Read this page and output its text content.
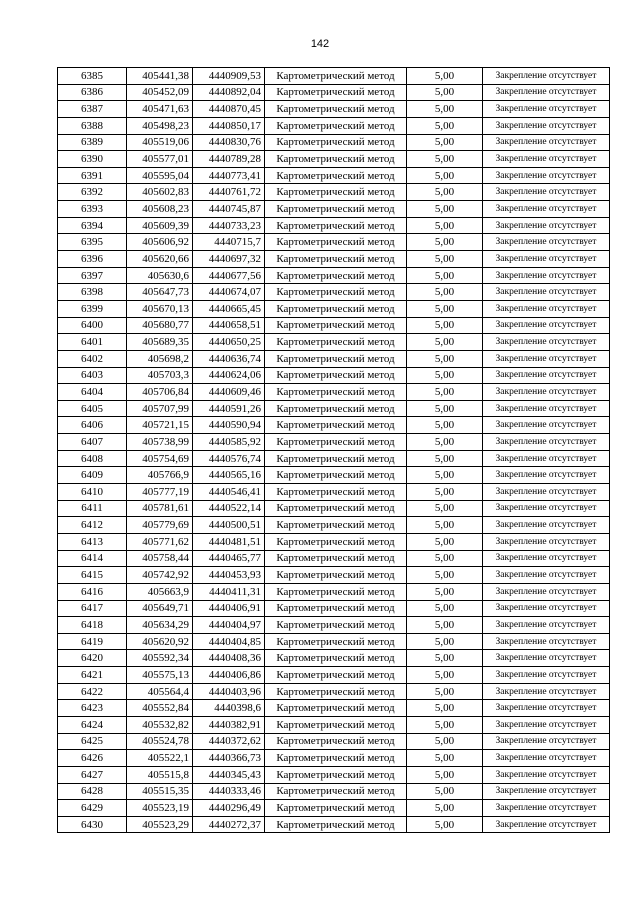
142
6385	405441,38	4440909,53	Картометрический метод	5,00	Закрепление отсутствует
6386	405452,09	4440892,04	Картометрический метод	5,00	Закрепление отсутствует
6387	405471,63	4440870,45	Картометрический метод	5,00	Закрепление отсутствует
6388	405498,23	4440850,17	Картометрический метод	5,00	Закрепление отсутствует
6389	405519,06	4440830,76	Картометрический метод	5,00	Закрепление отсутствует
6390	405577,01	4440789,28	Картометрический метод	5,00	Закрепление отсутствует
6391	405595,04	4440773,41	Картометрический метод	5,00	Закрепление отсутствует
6392	405602,83	4440761,72	Картометрический метод	5,00	Закрепление отсутствует
6393	405608,23	4440745,87	Картометрический метод	5,00	Закрепление отсутствует
6394	405609,39	4440733,23	Картометрический метод	5,00	Закрепление отсутствует
6395	405606,92	4440715,7	Картометрический метод	5,00	Закрепление отсутствует
6396	405620,66	4440697,32	Картометрический метод	5,00	Закрепление отсутствует
6397	405630,6	4440677,56	Картометрический метод	5,00	Закрепление отсутствует
6398	405647,73	4440674,07	Картометрический метод	5,00	Закрепление отсутствует
6399	405670,13	4440665,45	Картометрический метод	5,00	Закрепление отсутствует
6400	405680,77	4440658,51	Картометрический метод	5,00	Закрепление отсутствует
6401	405689,35	4440650,25	Картометрический метод	5,00	Закрепление отсутствует
6402	405698,2	4440636,74	Картометрический метод	5,00	Закрепление отсутствует
6403	405703,3	4440624,06	Картометрический метод	5,00	Закрепление отсутствует
6404	405706,84	4440609,46	Картометрический метод	5,00	Закрепление отсутствует
6405	405707,99	4440591,26	Картометрический метод	5,00	Закрепление отсутствует
6406	405721,15	4440590,94	Картометрический метод	5,00	Закрепление отсутствует
6407	405738,99	4440585,92	Картометрический метод	5,00	Закрепление отсутствует
6408	405754,69	4440576,74	Картометрический метод	5,00	Закрепление отсутствует
6409	405766,9	4440565,16	Картометрический метод	5,00	Закрепление отсутствует
6410	405777,19	4440546,41	Картометрический метод	5,00	Закрепление отсутствует
6411	405781,61	4440522,14	Картометрический метод	5,00	Закрепление отсутствует
6412	405779,69	4440500,51	Картометрический метод	5,00	Закрепление отсутствует
6413	405771,62	4440481,51	Картометрический метод	5,00	Закрепление отсутствует
6414	405758,44	4440465,77	Картометрический метод	5,00	Закрепление отсутствует
6415	405742,92	4440453,93	Картометрический метод	5,00	Закрепление отсутствует
6416	405663,9	4440411,31	Картометрический метод	5,00	Закрепление отсутствует
6417	405649,71	4440406,91	Картометрический метод	5,00	Закрепление отсутствует
6418	405634,29	4440404,97	Картометрический метод	5,00	Закрепление отсутствует
6419	405620,92	4440404,85	Картометрический метод	5,00	Закрепление отсутствует
6420	405592,34	4440408,36	Картометрический метод	5,00	Закрепление отсутствует
6421	405575,13	4440406,86	Картометрический метод	5,00	Закрепление отсутствует
6422	405564,4	4440403,96	Картометрический метод	5,00	Закрепление отсутствует
6423	405552,84	4440398,6	Картометрический метод	5,00	Закрепление отсутствует
6424	405532,82	4440382,91	Картометрический метод	5,00	Закрепление отсутствует
6425	405524,78	4440372,62	Картометрический метод	5,00	Закрепление отсутствует
6426	405522,1	4440366,73	Картометрический метод	5,00	Закрепление отсутствует
6427	405515,8	4440345,43	Картометрический метод	5,00	Закрепление отсутствует
6428	405515,35	4440333,46	Картометрический метод	5,00	Закрепление отсутствует
6429	405523,19	4440296,49	Картометрический метод	5,00	Закрепление отсутствует
6430	405523,29	4440272,37	Картометрический метод	5,00	Закрепление отсутствует
